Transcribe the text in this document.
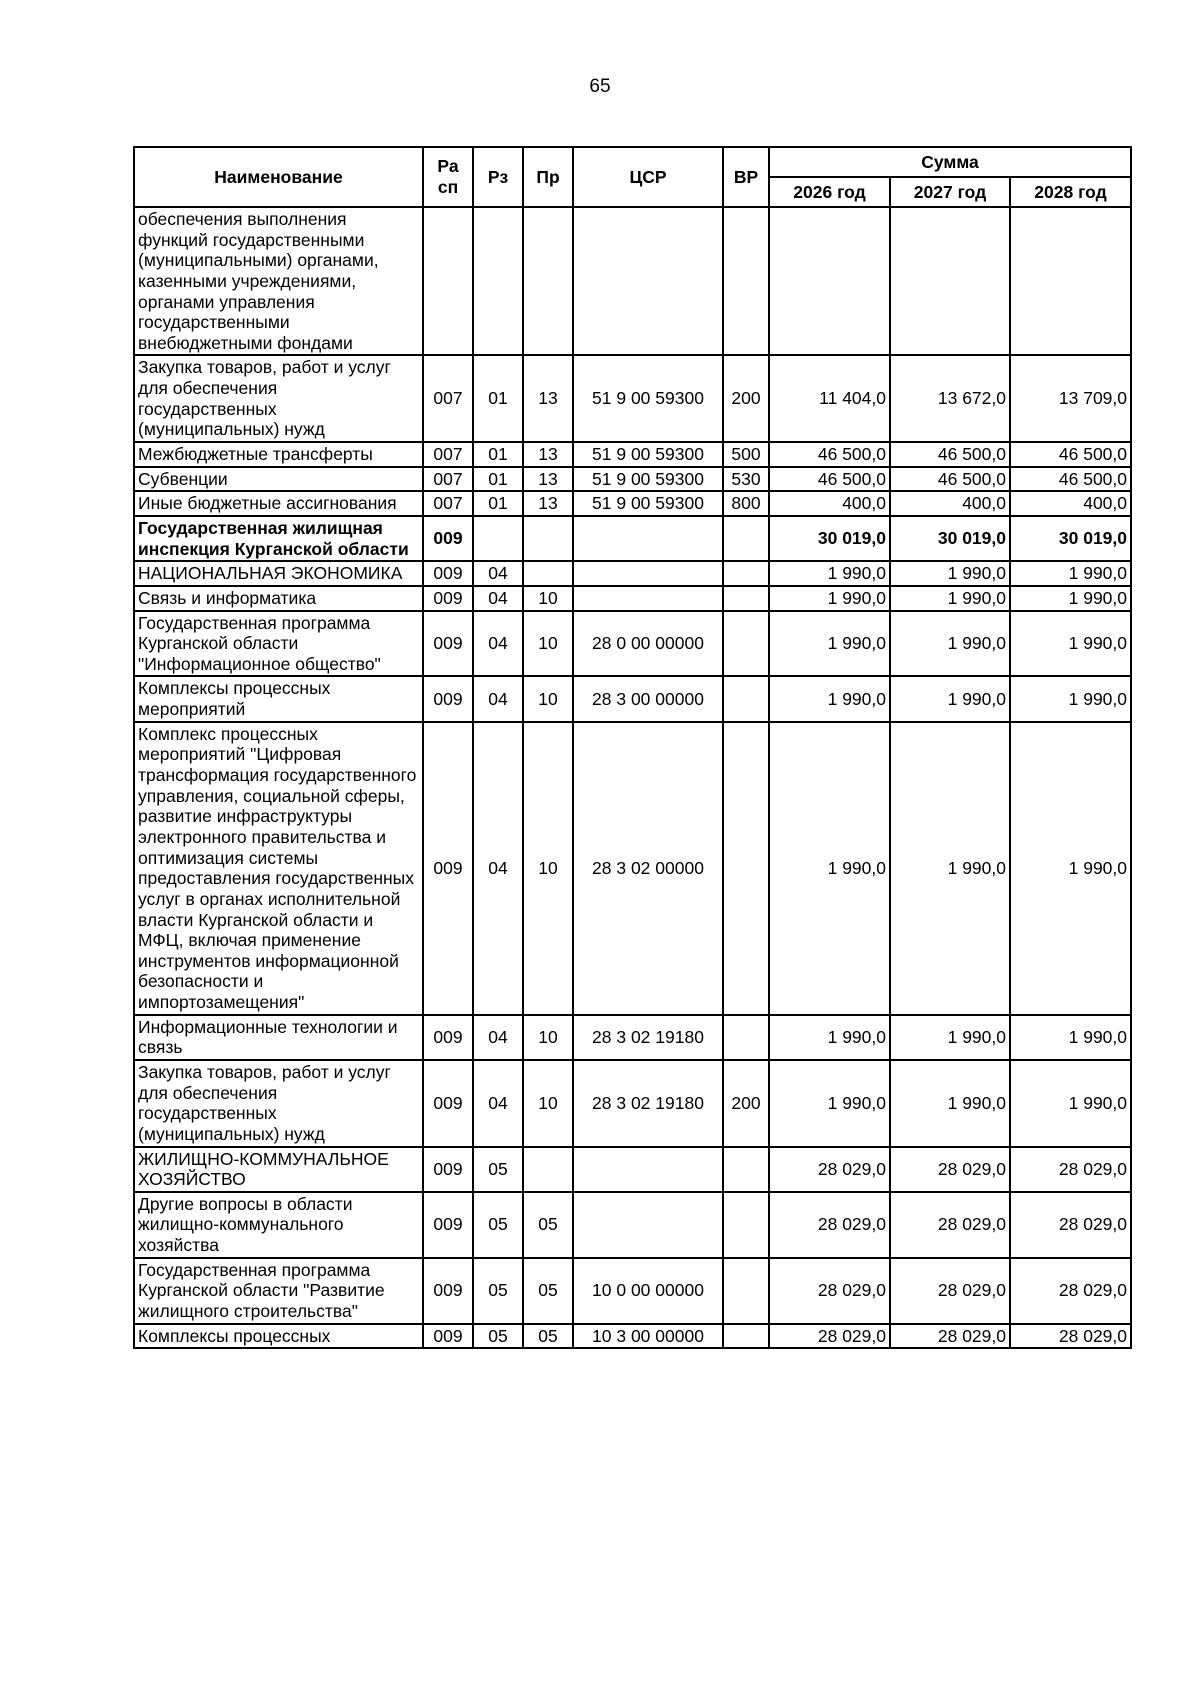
65
Наименование	Ра сп	Рз	Пр	ЦСР	ВР	Сумма		
						2026 год	2027 год	2028 год
обеспечения выполнения функций государственными (муниципальными) органами, казенными учреждениями, органами управления государственными внебюджетными фондами								
Закупка товаров, работ и услуг для обеспечения государственных (муниципальных) нужд	007	01	13	51 9 00 59300	200	11 404,0	13 672,0	13 709,0
Межбюджетные трансферты	007	01	13	51 9 00 59300	500	46 500,0	46 500,0	46 500,0
Субвенции	007	01	13	51 9 00 59300	530	46 500,0	46 500,0	46 500,0
Иные бюджетные ассигнования	007	01	13	51 9 00 59300	800	400,0	400,0	400,0
Государственная жилищная инспекция Курганской области	009					30 019,0	30 019,0	30 019,0
НАЦИОНАЛЬНАЯ ЭКОНОМИКА	009	04				1 990,0	1 990,0	1 990,0
Связь и информатика	009	04	10			1 990,0	1 990,0	1 990,0
Государственная программа Курганской области "Информационное общество"	009	04	10	28 0 00 00000		1 990,0	1 990,0	1 990,0
Комплексы процессных мероприятий	009	04	10	28 3 00 00000		1 990,0	1 990,0	1 990,0
Комплекс процессных мероприятий "Цифровая трансформация государственного управления, социальной сферы, развитие инфраструктуры электронного правительства и оптимизация системы предоставления государственных услуг в органах исполнительной власти Курганской области и МФЦ, включая применение инструментов информационной безопасности и импортозамещения"	009	04	10	28 3 02 00000		1 990,0	1 990,0	1 990,0
Информационные технологии и связь	009	04	10	28 3 02 19180		1 990,0	1 990,0	1 990,0
Закупка товаров, работ и услуг для обеспечения государственных (муниципальных) нужд	009	04	10	28 3 02 19180	200	1 990,0	1 990,0	1 990,0
ЖИЛИЩНО-КОММУНАЛЬНОЕ ХОЗЯЙСТВО	009	05				28 029,0	28 029,0	28 029,0
Другие вопросы в области жилищно-коммунального хозяйства	009	05	05			28 029,0	28 029,0	28 029,0
Государственная программа Курганской области "Развитие жилищного строительства"	009	05	05	10 0 00 00000		28 029,0	28 029,0	28 029,0
Комплексы процессных	009	05	05	10 3 00 00000		28 029,0	28 029,0	28 029,0
